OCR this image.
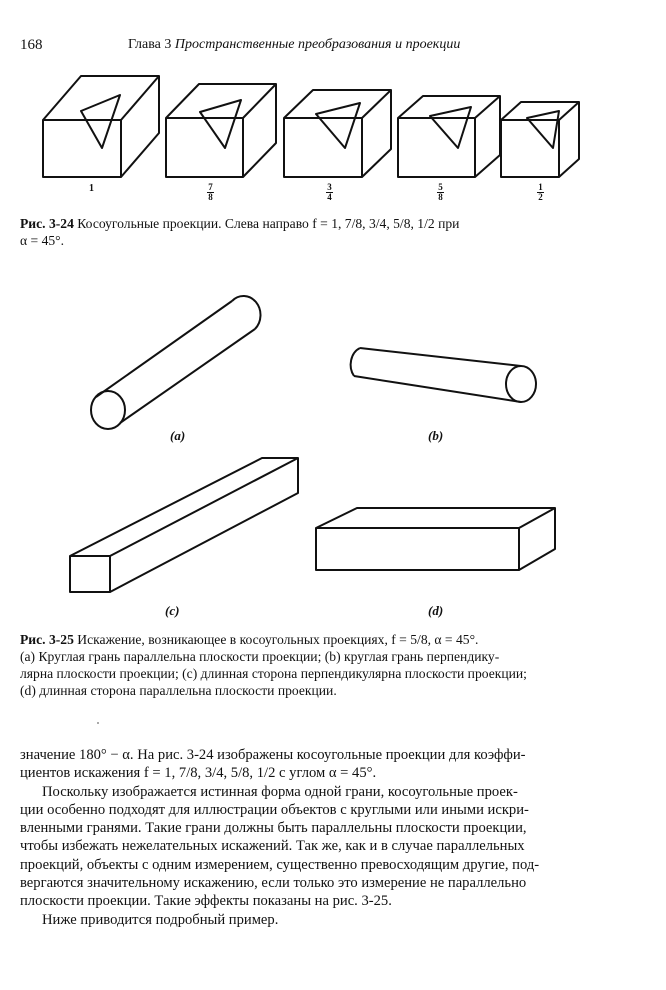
168	Глава 3 Пространственные преобразования и проекции
1	7
8
3
4
5
8
1
2
Рис. 3-24 Косоугольные проекции. Слева направо f = 1, 7/8, 3/4, 5/8, 1/2 при
α = 45°.
(a)	(b)
(c)	(d)
Рис. 3-25 Искажение, возникающее в косоугольных проекциях, f = 5/8, α = 45°.
(a) Круглая грань параллельна плоскости проекции; (b) круглая грань перпендику-
лярна плоскости проекции; (c) длинная сторона перпендикулярна плоскости проекции;
(d) длинная сторона параллельна плоскости проекции.

значение 180° − α. На рис. 3-24 изображены косоугольные проекции для коэффи-
циентов искажения f = 1, 7/8, 3/4, 5/8, 1/2 с углом α = 45°.

Поскольку изображается истинная форма одной грани, косоугольные проек-
ции особенно подходят для иллюстрации объектов с круглыми или иными искри-
вленными гранями. Такие грани должны быть параллельны плоскости проекции,
чтобы избежать нежелательных искажений. Так же, как и в случае параллельных
проекций, объекты с одним измерением, существенно превосходящим другие, под-
вергаются значительному искажению, если только это измерение не параллельно
плоскости проекции. Такие эффекты показаны на рис. 3-25.

Ниже приводится подробный пример.
